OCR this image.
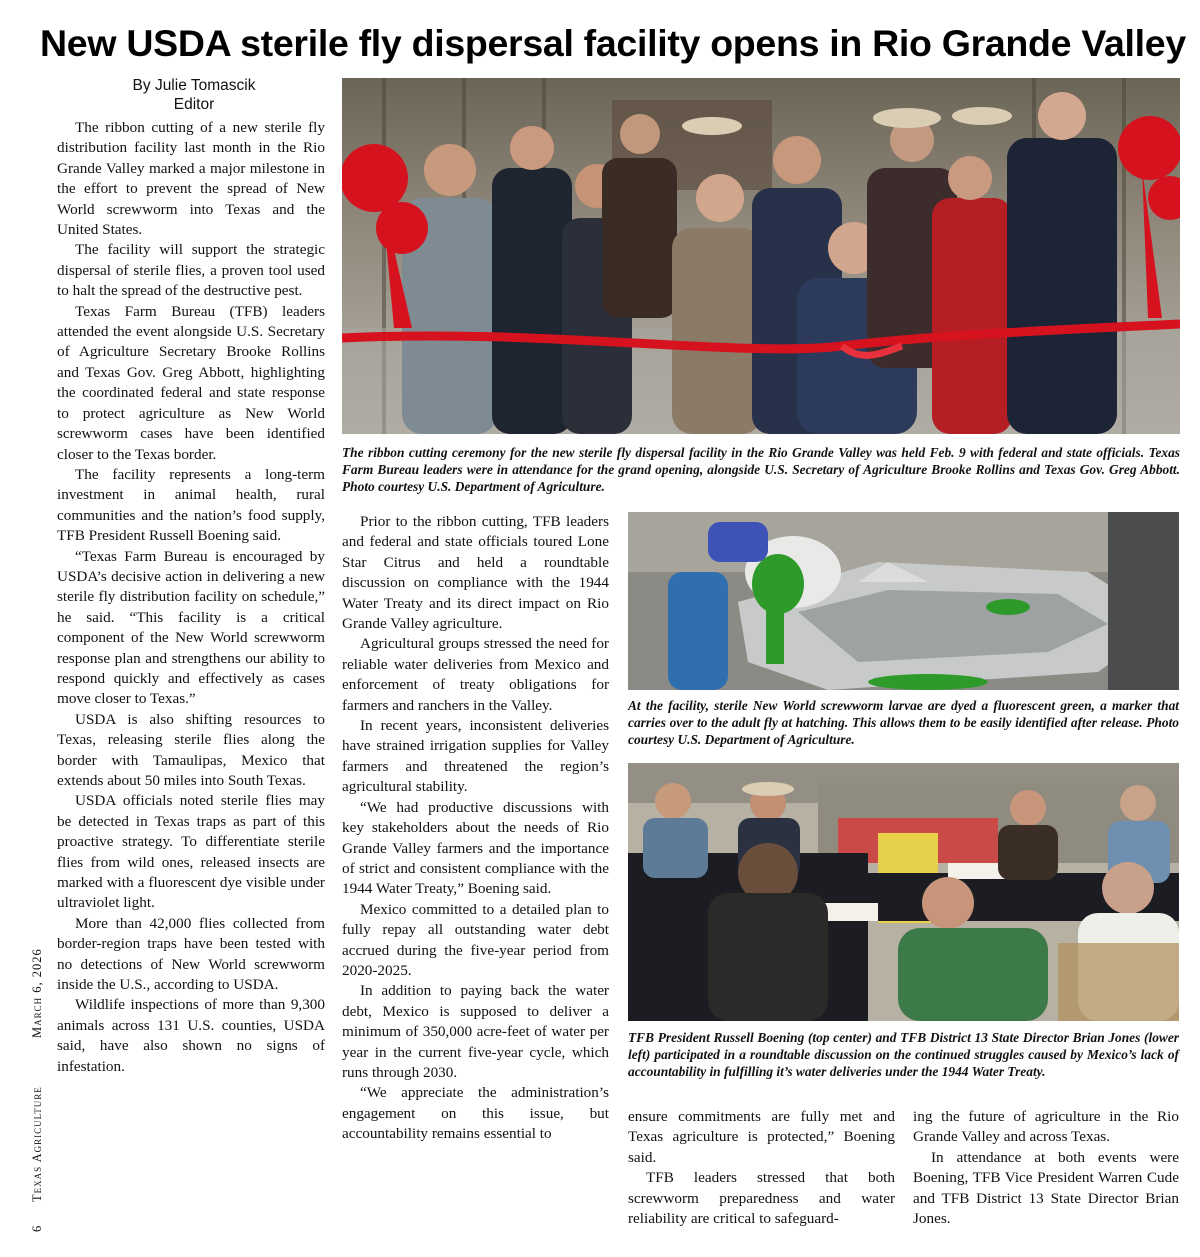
New USDA sterile fly dispersal facility opens in Rio Grande Valley
By Julie Tomascik
Editor
6
Texas Agriculture
March 6, 2026

The ribbon cutting of a new sterile fly distribution facility last month in the Rio Grande Valley marked a major milestone in the effort to prevent the spread of New World screwworm into Texas and the United States.

The facility will support the strategic dispersal of sterile flies, a proven tool used to halt the spread of the destructive pest.

Texas Farm Bureau (TFB) leaders attended the event alongside U.S. Secretary of Agriculture Secretary Brooke Rollins and Texas Gov. Greg Abbott, highlighting the coordinated federal and state response to protect agriculture as New World screwworm cases have been identified closer to the Texas border.

The facility represents a long-term investment in animal health, rural communities and the nation’s food supply, TFB President Russell Boening said.

“Texas Farm Bureau is encouraged by USDA’s decisive action in delivering a new sterile fly distribution facility on schedule,” he said. “This facility is a critical component of the New World screwworm response plan and strengthens our ability to respond quickly and effectively as cases move closer to Texas.”

USDA is also shifting resources to Texas, releasing sterile flies along the border with Tamaulipas, Mexico that extends about 50 miles into South Texas.

USDA officials noted sterile flies may be detected in Texas traps as part of this proactive strategy. To differentiate sterile flies from wild ones, released insects are marked with a fluorescent dye visible under ultraviolet light.

More than 42,000 flies collected from border-region traps have been tested with no detections of New World screwworm inside the U.S., according to USDA.

Wildlife inspections of more than 9,300 animals across 131 U.S. counties, USDA said, have also shown no signs of infestation.

The ribbon cutting ceremony for the new sterile fly dispersal facility in the Rio Grande Valley was held Feb. 9 with federal and state officials. Texas Farm Bureau leaders were in attendance for the grand opening, alongside U.S. Secretary of Agriculture Brooke Rollins and Texas Gov. Greg Abbott. Photo courtesy U.S. Department of Agriculture.

Prior to the ribbon cutting, TFB leaders and federal and state officials toured Lone Star Citrus and held a roundtable discussion on compliance with the 1944 Water Treaty and its direct impact on Rio Grande Valley agriculture.

Agricultural groups stressed the need for reliable water deliveries from Mexico and enforcement of treaty obligations for farmers and ranchers in the Valley.

In recent years, inconsistent deliveries have strained irrigation supplies for Valley farmers and threatened the region’s agricultural stability.

“We had productive discussions with key stakeholders about the needs of Rio Grande Valley farmers and the importance of strict and consistent compliance with the 1944 Water Treaty,” Boening said.

Mexico committed to a detailed plan to fully repay all outstanding water debt accrued during the five-year period from 2020-2025.

In addition to paying back the water debt, Mexico is supposed to deliver a minimum of 350,000 acre-feet of water per year in the current five-year cycle, which runs through 2030.

“We appreciate the administration’s engagement on this issue, but accountability remains essential to

At the facility, sterile New World screwworm larvae are dyed a fluorescent green, a marker that carries over to the adult fly at hatching. This allows them to be easily identified after release. Photo courtesy U.S. Department of Agriculture.
TFB President Russell Boening (top center) and TFB District 13 State Director Brian Jones (lower left) participated in a roundtable discussion on the continued struggles caused by Mexico’s lack of accountability in fulfilling it’s water deliveries under the 1944 Water Treaty.

ensure commitments are fully met and Texas agriculture is protected,” Boening said.

TFB leaders stressed that both screwworm preparedness and water reliability are critical to safeguard-

ing the future of agriculture in the Rio Grande Valley and across Texas.

In attendance at both events were Boening, TFB Vice President Warren Cude and TFB District 13 State Director Brian Jones.
